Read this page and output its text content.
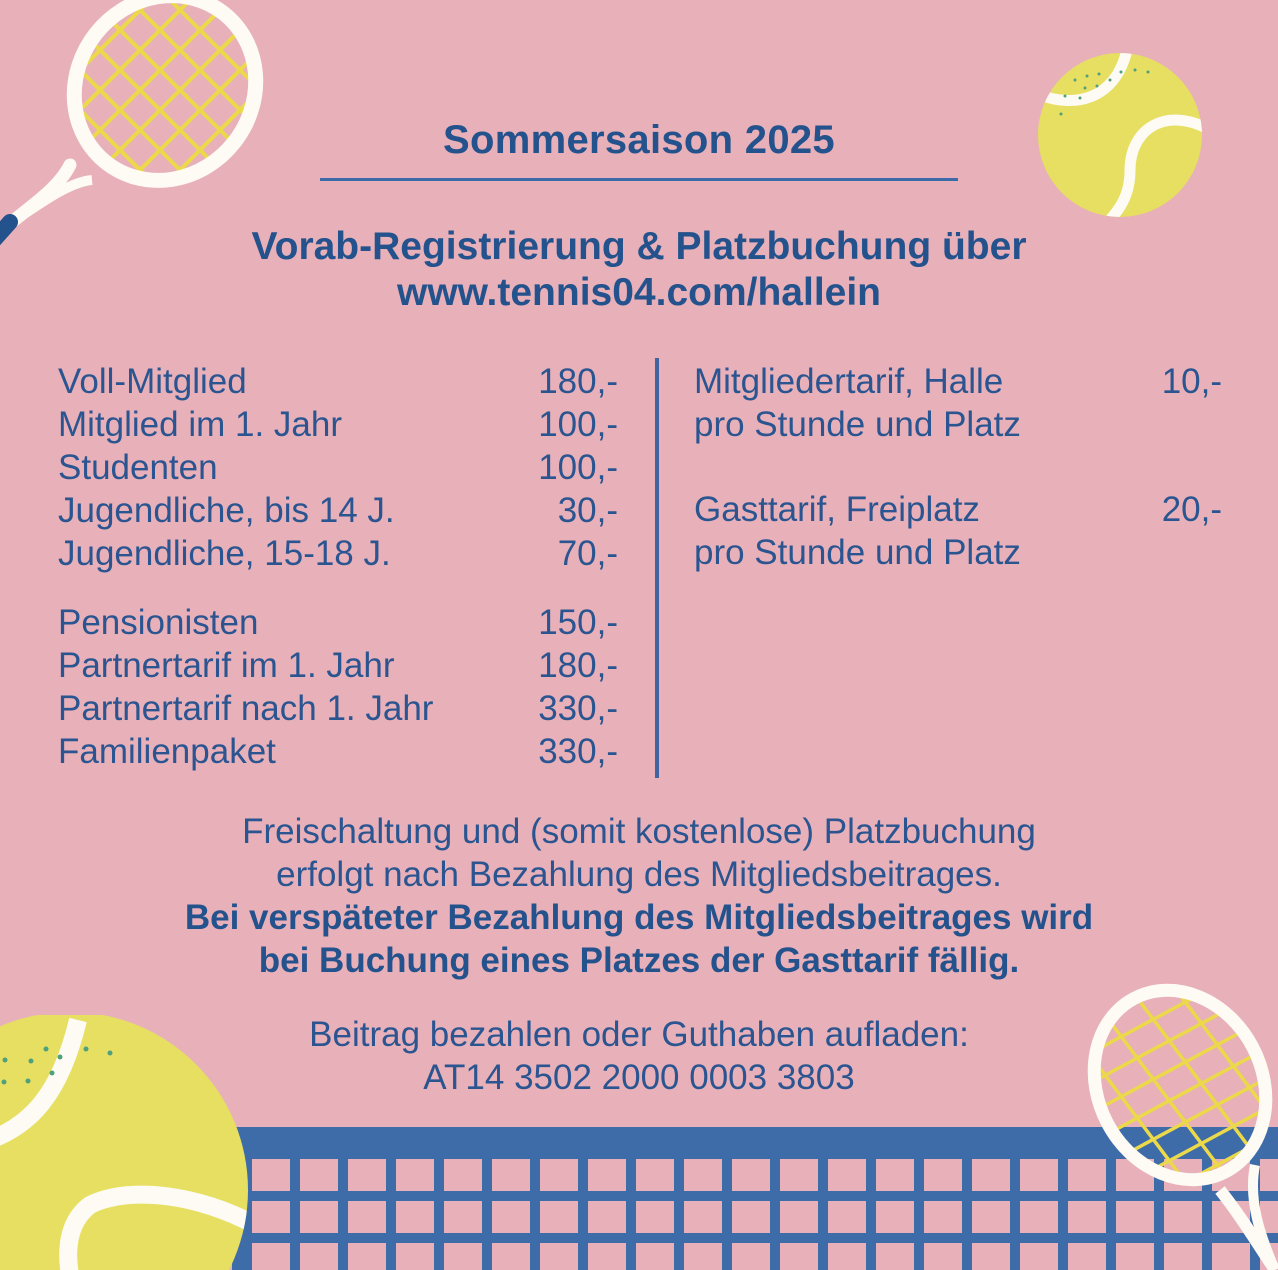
Sommersaison 2025
Vorab-Registrierung & Platzbuchung über
www.tennis04.com/hallein
Voll-Mitglied	180,-
Mitglied im 1. Jahr	100,-
Studenten	100,-
Jugendliche, bis 14 J.	30,-
Jugendliche, 15-18 J.	70,-
Pensionisten	150,-
Partnertarif im 1. Jahr	180,-
Partnertarif nach 1. Jahr	330,-
Familienpaket	330,-
Mitgliedertarif, Halle	10,-
pro Stunde und Platz
Gasttarif, Freiplatz	20,-
pro Stunde und Platz
Freischaltung und (somit kostenlose) Platzbuchung
erfolgt nach Bezahlung des Mitgliedsbeitrages.
Bei verspäteter Bezahlung des Mitgliedsbeitrages wird
bei Buchung eines Platzes der Gasttarif fällig.
Beitrag bezahlen oder Guthaben aufladen:
AT14 3502 2000 0003 3803
